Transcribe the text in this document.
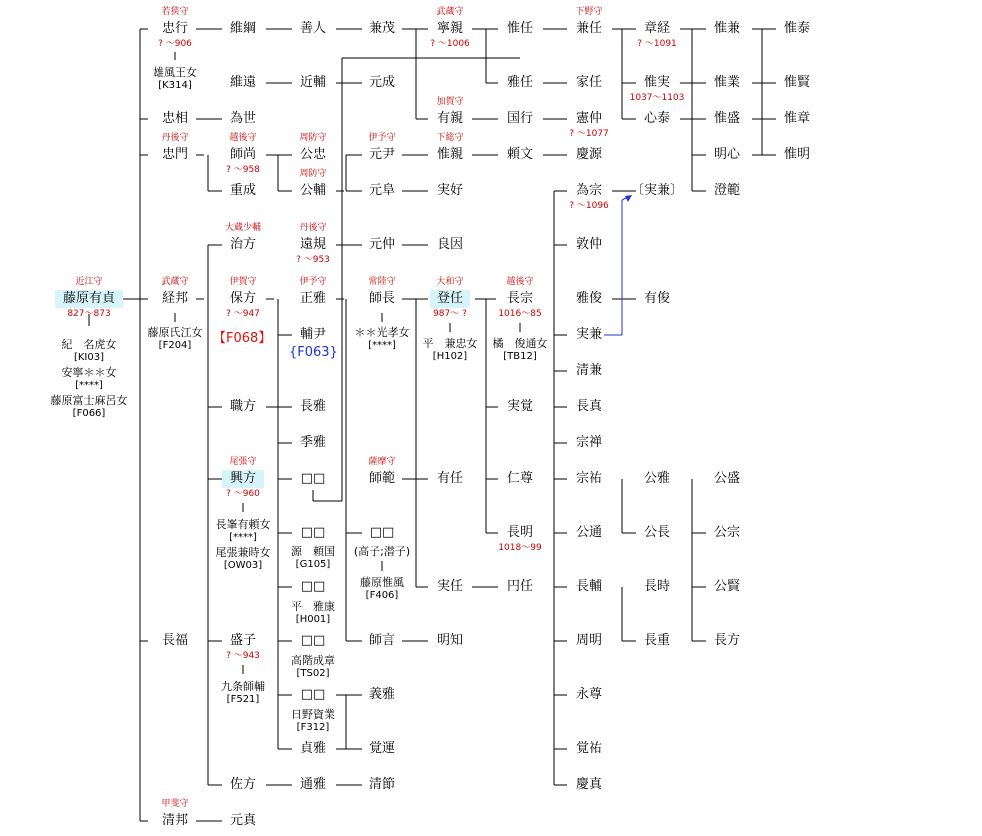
藤原有貞
近江守
827〜873
忠行
若狭守
? 〜906
維綱	善人	兼茂
維遠	近輔	元成
忠相	為世
忠門
丹後守
師尚
越後守
? 〜958
公忠
周防守
重成	公輔
周防守
治方
大蔵少輔
遠規
丹後守
? 〜953
元仲	良因
経邦
武蔵守
保方
伊賀守
? 〜947
正雅
伊予守
師長
常陸守
登任
大和守
987〜 ?
長宗
越後守
1016〜85
為宗
? 〜1096
〔実兼〕
敦仲
雅俊	有俊
実兼
清兼
実覚	長真
宗禅
仁尊	宗祐	公雅	公盛
公長	公宗
長明
1018〜99
公通
公賢
長時
長輔
長重	長方
周明
永尊
覚祐
慶真
寧親
武蔵守
? 〜1006
惟任	兼任
下野守
章経
? 〜1091
惟兼	惟泰
雅任	家任	惟実
1037〜1103
惟業	惟賢
有親
加賀守
国行	憲仲
? 〜1077
心泰	惟盛	惟章
元尹
伊予守
惟親
下総守
頼文	慶源	明心	惟明
元阜	実好	澄範
輔尹
職方	長雅
季雅
興方
尾張守
? 〜960
□□	師範
薩摩守
有任
□□	□□
□□	実任	円任
長福	盛子
? 〜943
□□	師言	明知
□□	義雅
貞雅	覚運
佐方	通雅	清節
清邦
甲斐守
元真
紀　名虎女
[KI03]
安寧＊＊女
[****]
藤原富士麻呂女
[F066]
雄風王女
[K314]
藤原氏江女
[F204]
＊＊光孝女
[****] 平　兼忠女
[H102]
橘　俊通女
[TB12]
長峯有頼女
[****]
尾張兼時女
[OW03]
源　頼国
[G105]
(高子;潜子)
藤原惟風
[F406]
平　雅康
[H001]
高階成章
[TS02]
九条師輔
[F521]
日野資業
[F312]
【F068】
{F063}
